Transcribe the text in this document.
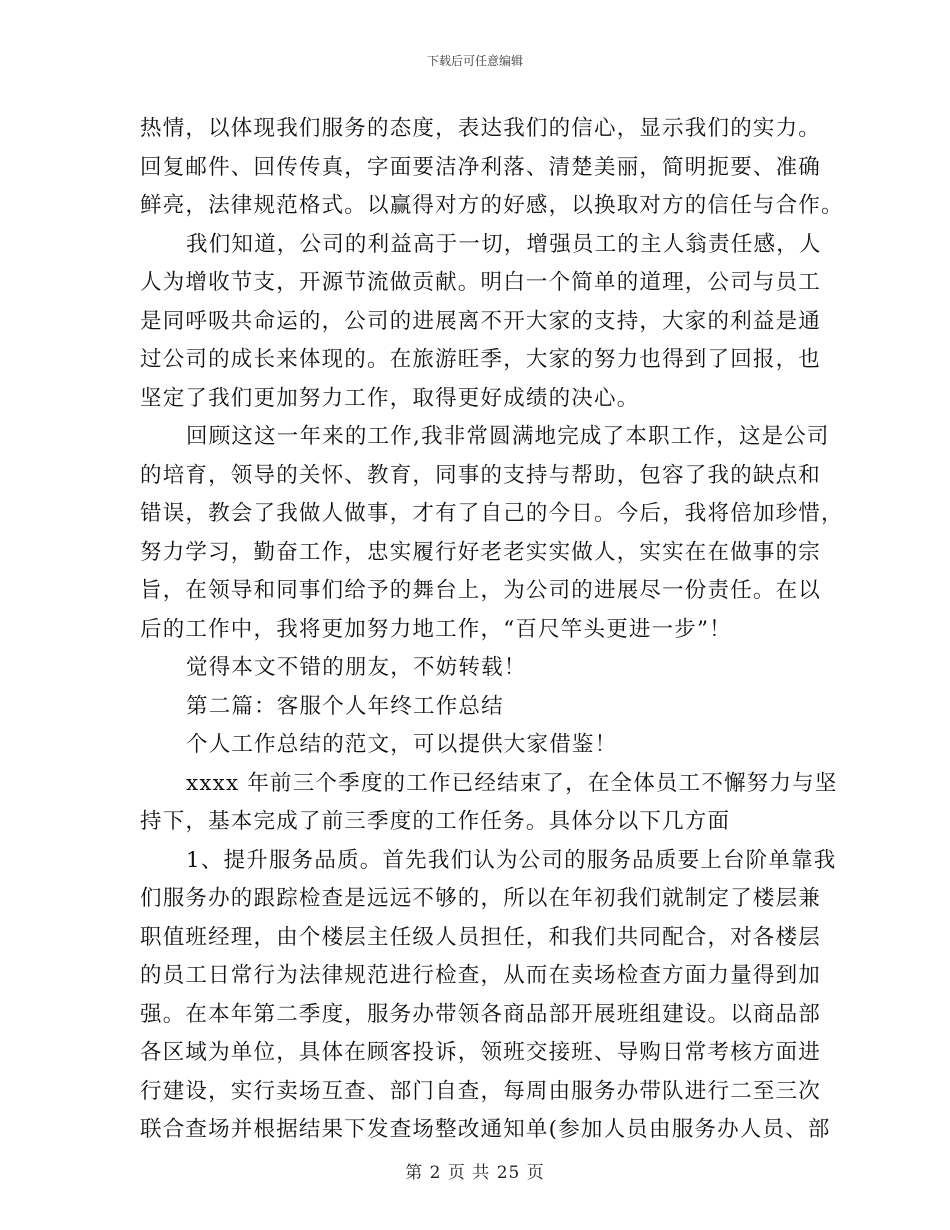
下载后可任意编辑
热情，以体现我们服务的态度，表达我们的信心，显示我们的实力。
回复邮件、回传传真，字面要洁净利落、清楚美丽，简明扼要、准确
鲜亮，法律规范格式。以赢得对方的好感，以换取对方的信任与合作。
我们知道，公司的利益高于一切，增强员工的主人翁责任感，人
人为增收节支，开源节流做贡献。明白一个简单的道理，公司与员工
是同呼吸共命运的，公司的进展离不开大家的支持，大家的利益是通
过公司的成长来体现的。在旅游旺季，大家的努力也得到了回报，也
坚定了我们更加努力工作，取得更好成绩的决心。
回顾这这一年来的工作,我非常圆满地完成了本职工作，这是公司
的培育，领导的关怀、教育，同事的支持与帮助，包容了我的缺点和
错误，教会了我做人做事，才有了自己的今日。今后，我将倍加珍惜，
努力学习，勤奋工作，忠实履行好老老实实做人，实实在在做事的宗
旨，在领导和同事们给予的舞台上，为公司的进展尽一份责任。在以
后的工作中，我将更加努力地工作，“百尺竿头更进一步”！
觉得本文不错的朋友，不妨转载！
第二篇：客服个人年终工作总结
个人工作总结的范文，可以提供大家借鉴！
xxxx 年前三个季度的工作已经结束了，在全体员工不懈努力与坚
持下，基本完成了前三季度的工作任务。具体分以下几方面
1、提升服务品质。首先我们认为公司的服务品质要上台阶单靠我
们服务办的跟踪检查是远远不够的，所以在年初我们就制定了楼层兼
职值班经理，由个楼层主任级人员担任，和我们共同配合，对各楼层
的员工日常行为法律规范进行检查，从而在卖场检查方面力量得到加
强。在本年第二季度，服务办带领各商品部开展班组建设。以商品部
各区域为单位，具体在顾客投诉，领班交接班、导购日常考核方面进
行建设，实行卖场互查、部门自查，每周由服务办带队进行二至三次
联合查场并根据结果下发查场整改通知单(参加人员由服务办人员、部
第 2 页 共 25 页
